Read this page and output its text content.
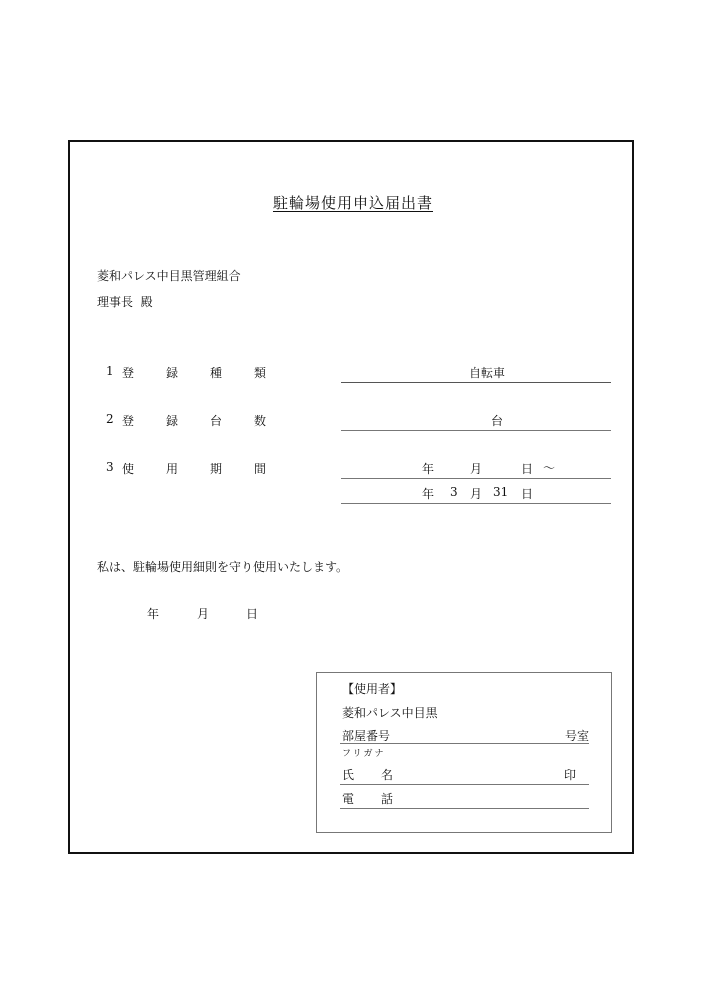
駐輪場使用申込届出書
菱和パレス中目黒管理組合
理事長  殿
1 登	録	種	類	自転車
2 登	録	台	数	台
3 使	用	期	間	年	月	日 ～
年 3 月 31 日
私は、駐輪場使用細則を守り使用いたします。
年	月	日
【使用者】
菱和パレス中目黒
部屋番号	号室
フリガナ
氏 名	印
電 話
